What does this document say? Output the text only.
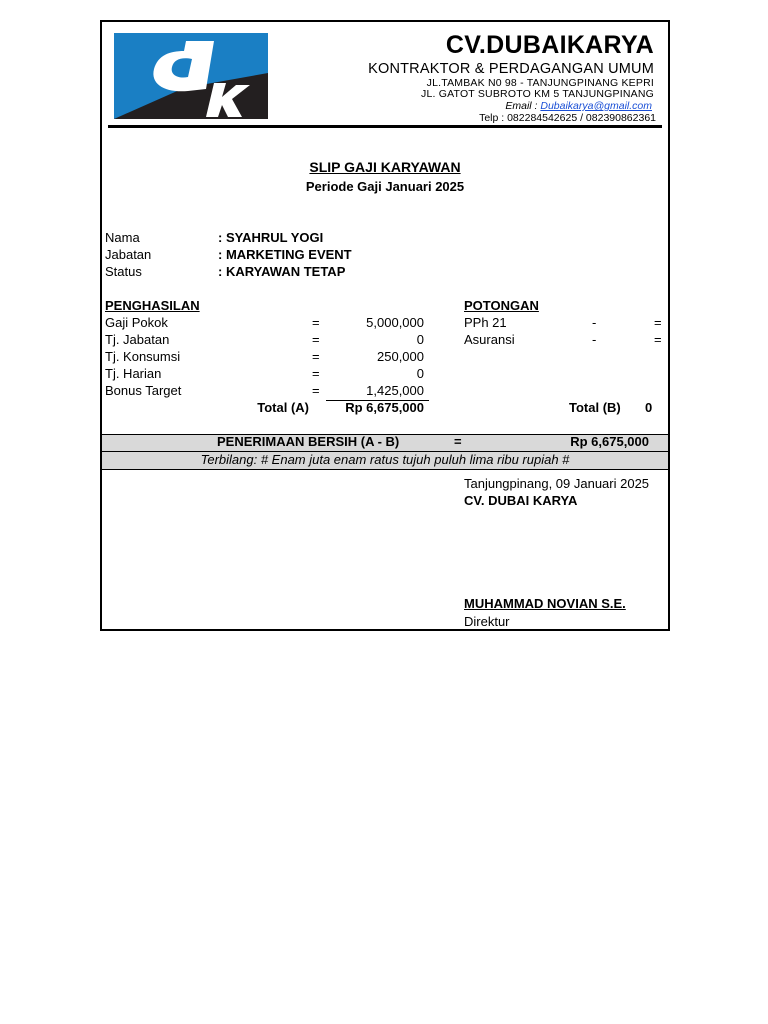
CV.DUBAIKARYA
KONTRAKTOR & PERDAGANGAN UMUM
JL.TAMBAK N0 98 - TANJUNGPINANG KEPRI
JL. GATOT SUBROTO KM 5 TANJUNGPINANG
Email : Dubaikarya@gmail.com
Telp : 082284542625 / 082390862361
SLIP GAJI KARYAWAN
Periode Gaji Januari 2025
Nama	: SYAHRUL YOGI
Jabatan	: MARKETING EVENT
Status	: KARYAWAN TETAP
PENGHASILAN
Gaji Pokok	=	5,000,000
Tj. Jabatan	=	0
Tj. Konsumsi	=	250,000
Tj. Harian	=	0
Bonus Target	=	1,425,000
Total (A)	Rp 6,675,000
POTONGAN
PPh 21	-	=
Asuransi	-	=
Total (B) 0
PENERIMAAN BERSIH (A - B)	=	Rp 6,675,000
Terbilang: # Enam juta enam ratus tujuh puluh lima ribu rupiah #
Tanjungpinang, 09 Januari 2025
CV. DUBAI KARYA
MUHAMMAD NOVIAN S.E.
Direktur
